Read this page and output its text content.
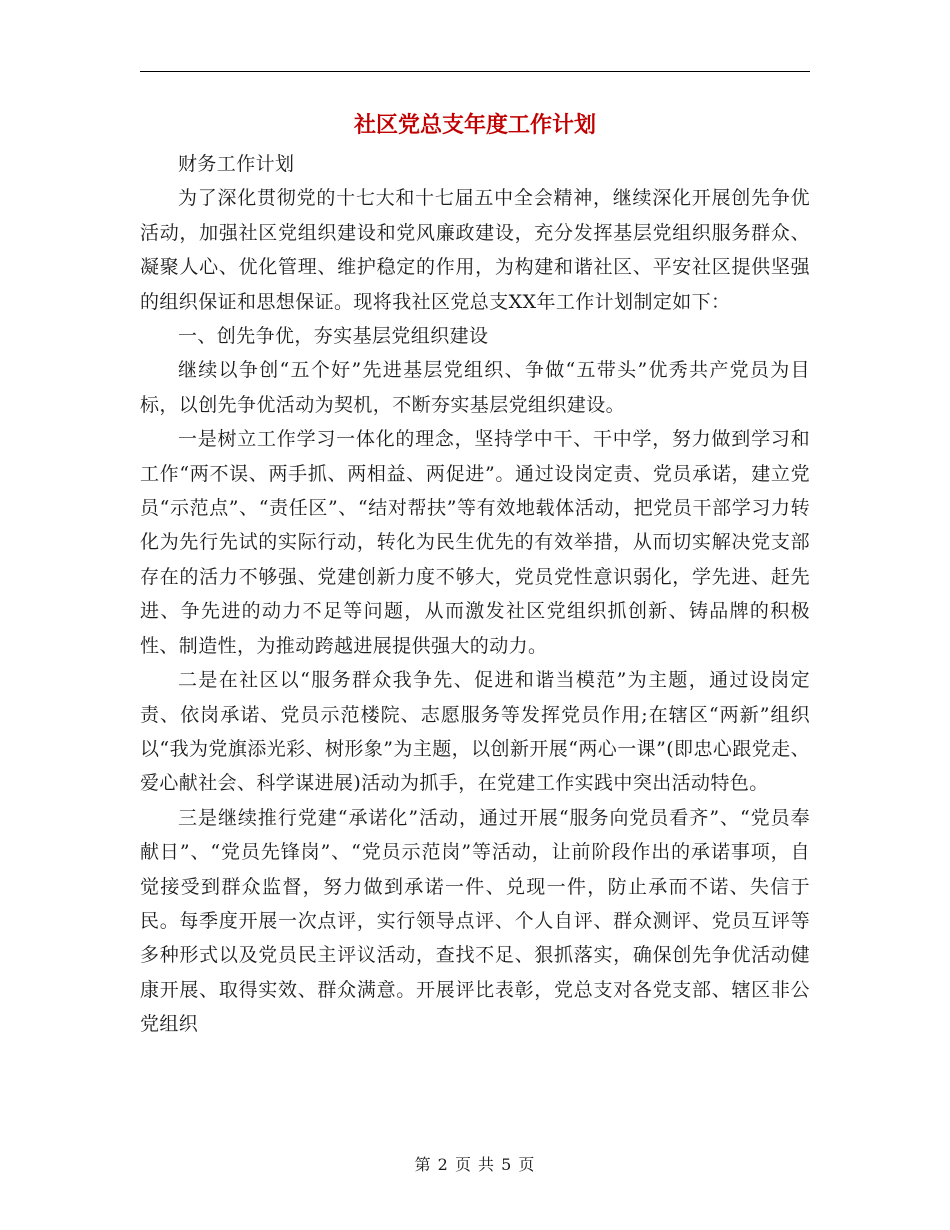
社区党总支年度工作计划

财务工作计划

为了深化贯彻党的十七大和十七届五中全会精神，继续深化开展创先争优活动，加强社区党组织建设和党风廉政建设，充分发挥基层党组织服务群众、凝聚人心、优化管理、维护稳定的作用，为构建和谐社区、平安社区提供坚强的组织保证和思想保证。现将我社区党总支XX年工作计划制定如下：

一、创先争优，夯实基层党组织建设

继续以争创“五个好”先进基层党组织、争做“五带头”优秀共产党员为目标，以创先争优活动为契机，不断夯实基层党组织建设。

一是树立工作学习一体化的理念，坚持学中干、干中学，努力做到学习和工作“两不误、两手抓、两相益、两促进”。通过设岗定责、党员承诺，建立党员“示范点”、“责任区”、“结对帮扶”等有效地载体活动，把党员干部学习力转化为先行先试的实际行动，转化为民生优先的有效举措，从而切实解决党支部存在的活力不够强、党建创新力度不够大，党员党性意识弱化，学先进、赶先进、争先进的动力不足等问题，从而激发社区党组织抓创新、铸品牌的积极性、制造性，为推动跨越进展提供强大的动力。

二是在社区以“服务群众我争先、促进和谐当模范”为主题，通过设岗定责、依岗承诺、党员示范楼院、志愿服务等发挥党员作用;在辖区“两新”组织以“我为党旗添光彩、树形象”为主题，以创新开展“两心一课”(即忠心跟党走、爱心献社会、科学谋进展)活动为抓手，在党建工作实践中突出活动特色。

三是继续推行党建“承诺化”活动，通过开展“服务向党员看齐”、“党员奉献日”、“党员先锋岗”、“党员示范岗”等活动，让前阶段作出的承诺事项，自觉接受到群众监督，努力做到承诺一件、兑现一件，防止承而不诺、失信于民。每季度开展一次点评，实行领导点评、个人自评、群众测评、党员互评等多种形式以及党员民主评议活动，查找不足、狠抓落实，确保创先争优活动健康开展、取得实效、群众满意。开展评比表彰，党总支对各党支部、辖区非公党组织

第 2 页 共 5 页
